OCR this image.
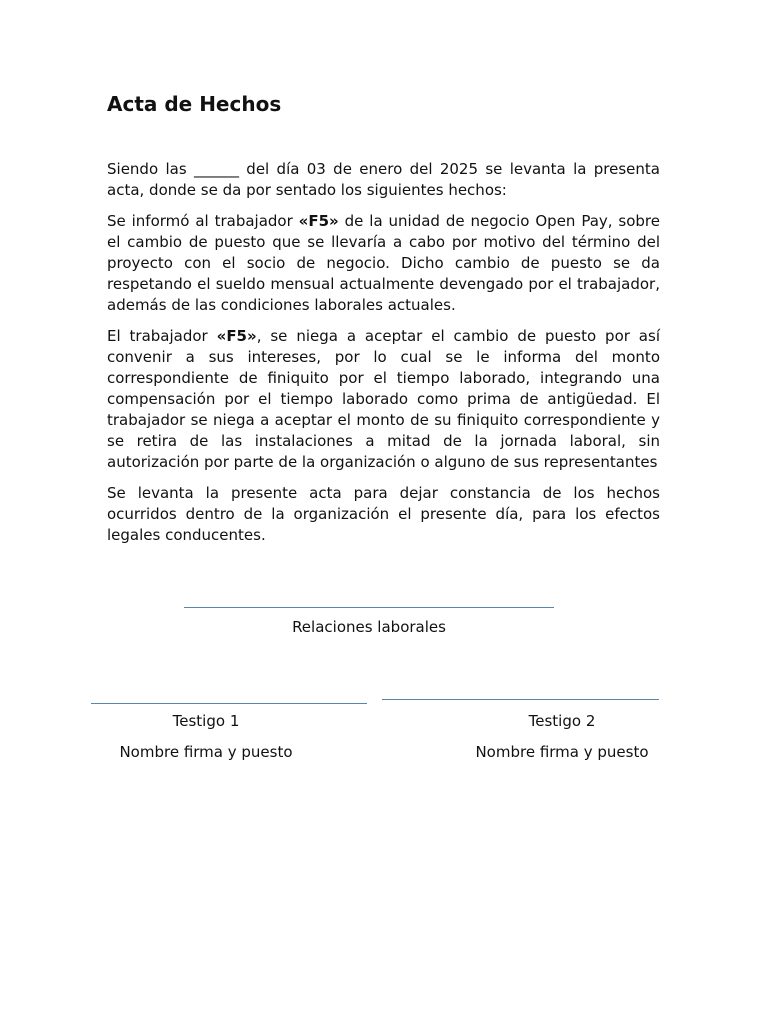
Acta de Hechos

Siendo las ______ del día 03 de enero del 2025 se levanta la presenta acta, donde se da por sentado los siguientes hechos:

Se informó al trabajador «F5» de la unidad de negocio Open Pay, sobre el cambio de puesto que se llevaría a cabo por motivo del término del proyecto con el socio de negocio. Dicho cambio de puesto se da respetando el sueldo mensual actualmente devengado por el trabajador, además de las condiciones laborales actuales.

El trabajador «F5», se niega a aceptar el cambio de puesto por así convenir a sus intereses, por lo cual se le informa del monto correspondiente de finiquito por el tiempo laborado, integrando una compensación por el tiempo laborado como prima de antigüedad. El trabajador se niega a aceptar el monto de su finiquito correspondiente y se retira de las instalaciones a mitad de la jornada laboral, sin autorización por parte de la organización o alguno de sus representantes

Se levanta la presente acta para dejar constancia de los hechos ocurridos dentro de la organización el presente día, para los efectos legales conducentes.

Relaciones laborales
Testigo 1
Nombre firma y puesto
Testigo 2
Nombre firma y puesto
